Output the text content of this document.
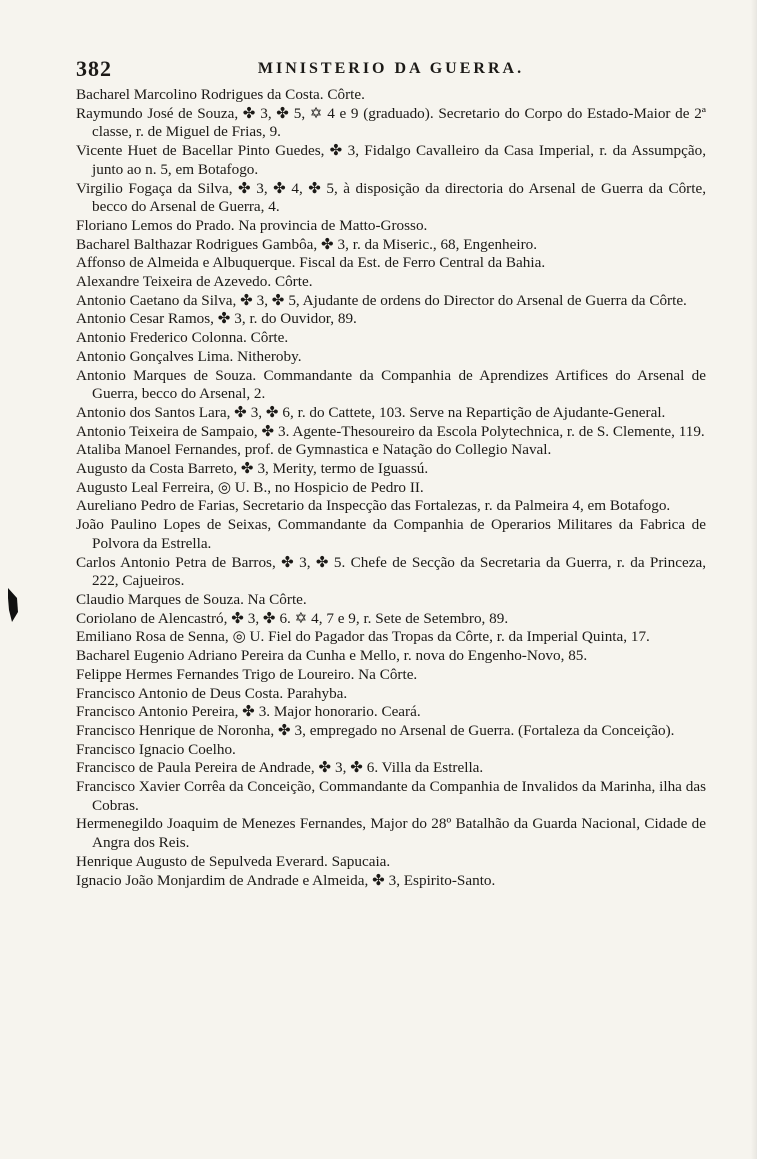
382	MINISTERIO DA GUERRA.
Bacharel Marcolino Rodrigues da Costa. Côrte.
Raymundo José de Souza, ✤ 3, ✤ 5, ✡ 4 e 9 (graduado). Secretario do Corpo do Estado-Maior de 2ª classe, r. de Miguel de Frias, 9.
Vicente Huet de Bacellar Pinto Guedes, ✤ 3, Fidalgo Cavalleiro da Casa Imperial, r. da Assumpção, junto ao n. 5, em Botafogo.
Virgilio Fogaça da Silva, ✤ 3, ✤ 4, ✤ 5, à disposição da directoria do Arsenal de Guerra da Côrte, becco do Arsenal de Guerra, 4.
Floriano Lemos do Prado. Na provincia de Matto-Grosso.
Bacharel Balthazar Rodrigues Gambôa, ✤ 3, r. da Miseric., 68, Engenheiro.
Affonso de Almeida e Albuquerque. Fiscal da Est. de Ferro Central da Bahia.
Alexandre Teixeira de Azevedo. Côrte.
Antonio Caetano da Silva, ✤ 3, ✤ 5, Ajudante de ordens do Director do Arsenal de Guerra da Côrte.
Antonio Cesar Ramos, ✤ 3, r. do Ouvidor, 89.
Antonio Frederico Colonna. Côrte.
Antonio Gonçalves Lima. Nitheroby.
Antonio Marques de Souza. Commandante da Companhia de Aprendizes Artifices do Arsenal de Guerra, becco do Arsenal, 2.
Antonio dos Santos Lara, ✤ 3, ✤ 6, r. do Cattete, 103. Serve na Repartição de Ajudante-General.
Antonio Teixeira de Sampaio, ✤ 3. Agente-Thesoureiro da Escola Polytechnica, r. de S. Clemente, 119.
Ataliba Manoel Fernandes, prof. de Gymnastica e Natação do Collegio Naval.
Augusto da Costa Barreto, ✤ 3, Merity, termo de Iguassú.
Augusto Leal Ferreira, ◎ U. B., no Hospicio de Pedro II.
Aureliano Pedro de Farias, Secretario da Inspecção das Fortalezas, r. da Palmeira 4, em Botafogo.
João Paulino Lopes de Seixas, Commandante da Companhia de Operarios Militares da Fabrica de Polvora da Estrella.
Carlos Antonio Petra de Barros, ✤ 3, ✤ 5. Chefe de Secção da Secretaria da Guerra, r. da Princeza, 222, Cajueiros.
Claudio Marques de Souza. Na Côrte.
Coriolano de Alencastró, ✤ 3, ✤ 6. ✡ 4, 7 e 9, r. Sete de Setembro, 89.
Emiliano Rosa de Senna, ◎ U. Fiel do Pagador das Tropas da Côrte, r. da Imperial Quinta, 17.
Bacharel Eugenio Adriano Pereira da Cunha e Mello, r. nova do Engenho-Novo, 85.
Felippe Hermes Fernandes Trigo de Loureiro. Na Côrte.
Francisco Antonio de Deus Costa. Parahyba.
Francisco Antonio Pereira, ✤ 3. Major honorario. Ceará.
Francisco Henrique de Noronha, ✤ 3, empregado no Arsenal de Guerra. (Fortaleza da Conceição).
Francisco Ignacio Coelho.
Francisco de Paula Pereira de Andrade, ✤ 3, ✤ 6. Villa da Estrella.
Francisco Xavier Corrêa da Conceição, Commandante da Companhia de Invalidos da Marinha, ilha das Cobras.
Hermenegildo Joaquim de Menezes Fernandes, Major do 28º Batalhão da Guarda Nacional, Cidade de Angra dos Reis.
Henrique Augusto de Sepulveda Everard. Sapucaia.
Ignacio João Monjardim de Andrade e Almeida, ✤ 3, Espirito-Santo.
